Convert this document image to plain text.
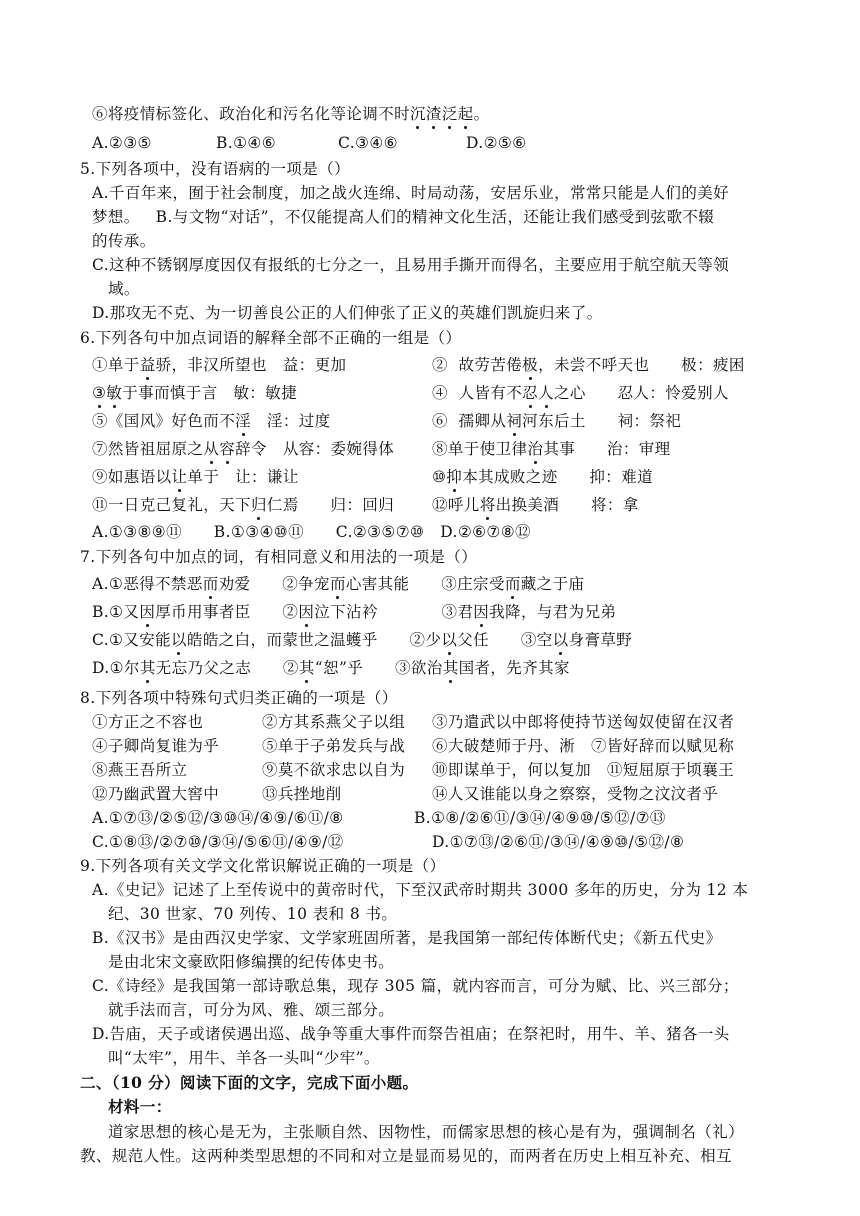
⑥将疫情标签化、政治化和污名化等论调不时沉渣泛起。
A.②③⑤	B.①④⑥	C.③④⑥	D.②⑤⑥
5.下列各项中，没有语病的一项是（）
A.千百年来，囿于社会制度，加之战火连绵、时局动荡，安居乐业，常常只能是人们的美好
梦想。   B.与文物“对话”，不仅能提高人们的精神文化生活，还能让我们感受到弦歌不辍
的传承。
C.这种不锈钢厚度因仅有报纸的七分之一，且易用手撕开而得名，主要应用于航空航天等领
域。
D.那攻无不克、为一切善良公正的人们伸张了正义的英雄们凯旋归来了。
6.下列各句中加点词语的解释全部不正确的一组是（）
①单于益骄，非汉所望也　益：更加	②  故劳苦倦极，未尝不呼天也　　极：疲困
③敏于事而慎于言　敏：敏捷	④  人皆有不忍人之心　　忍人：怜爱别人
⑤《国风》好色而不淫　淫：过度	⑥  孺卿从祠河东后土　　祠：祭祀
⑦然皆祖屈原之从容辞令　从容：委婉得体 ⑧单于使卫律治其事　　治：审理
⑨如惠语以让单于　让：谦让	⑩抑本其成败之迹　　抑：难道
⑪一日克己复礼，天下归仁焉　　归：回归 ⑫呼儿将出换美酒　　将：拿
A.①③⑧⑨⑪　　B.①③④⑩⑪　　C.②③⑤⑦⑩　D.②⑥⑦⑧⑫
7.下列各句中加点的词，有相同意义和用法的一项是（）
A.①恶得不禁恶而劝爱　　②争宠而心害其能　　③庄宗受而藏之于庙
B.①又因厚币用事者臣　　②因泣下沾衿　　　　③君因我降，与君为兄弟
C.①又安能以皓皓之白，而蒙世之温蠖乎　　②少以父任　　③空以身膏草野
D.①尔其无忘乃父之志　　②其“恕”乎　　③欲治其国者，先齐其家
8.下列各项中特殊句式归类正确的一项是（）
①方正之不容也	②方其系燕父子以组 ③乃遣武以中郎将使持节送匈奴使留在汉者
④子卿尚复谁为乎	⑤单于子弟发兵与战 ⑥大破楚师于丹、淅　⑦皆好辞而以赋见称
⑧燕王吾所立	⑨莫不欲求忠以自为 ⑩即谋单于，何以复加　⑪短屈原于顷襄王
⑫乃幽武置大窖中	⑬兵挫地削	⑭人又谁能以身之察察，受物之汶汶者乎
A.①⑦⑬/②⑤⑫/③⑩⑭/④⑨/⑥⑪/⑧	B.①⑧/②⑥⑪/③⑭/④⑨⑩/⑤⑫/⑦⑬
C.①⑧⑬/②⑦⑩/③⑭/⑤⑥⑪/④⑨/⑫	D.①⑦⑬/②⑥⑪/③⑭/④⑨⑩/⑤⑫/⑧
9.下列各项有关文学文化常识解说正确的一项是（）
A.《史记》记述了上至传说中的黄帝时代，下至汉武帝时期共 3000 多年的历史，分为 12 本
纪、30 世家、70 列传、10 表和 8 书。
B.《汉书》是由西汉史学家、文学家班固所著，是我国第一部纪传体断代史；《新五代史》
是由北宋文豪欧阳修编撰的纪传体史书。
C.《诗经》是我国第一部诗歌总集，现存 305 篇，就内容而言，可分为赋、比、兴三部分；
就手法而言，可分为风、雅、颂三部分。
D.告庙，天子或诸侯遇出巡、战争等重大事件而祭告祖庙；在祭祀时，用牛、羊、猪各一头
叫“太牢”，用牛、羊各一头叫“少牢”。
二、（10 分）阅读下面的文字，完成下面小题。
材料一：
道家思想的核心是无为，主张顺自然、因物性，而儒家思想的核心是有为，强调制名（礼）
教、规范人性。这两种类型思想的不同和对立是显而易见的，而两者在历史上相互补充、相互
